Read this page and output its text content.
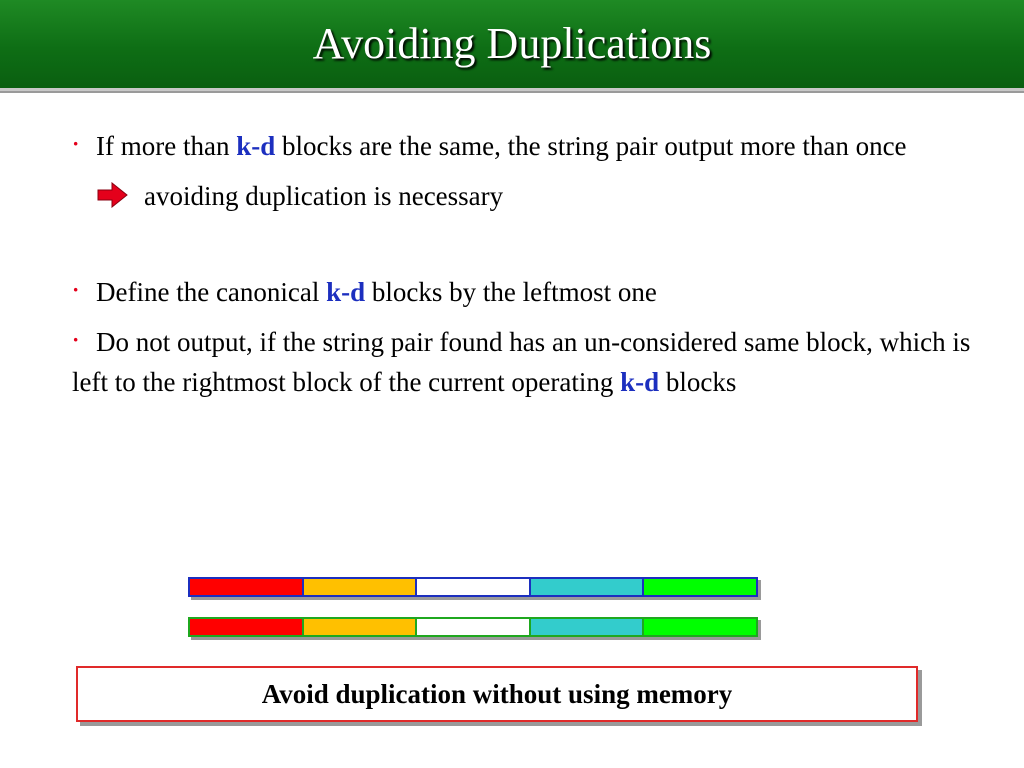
Avoiding Duplications

· If more than k-d blocks are the same, the string pair output more than once

avoiding duplication is necessary

· Define the canonical k-d blocks by the leftmost one

· Do not output, if the string pair found has an un-considered same block, which is left to the rightmost block of the current operating k-d blocks

Avoid duplication without using memory
